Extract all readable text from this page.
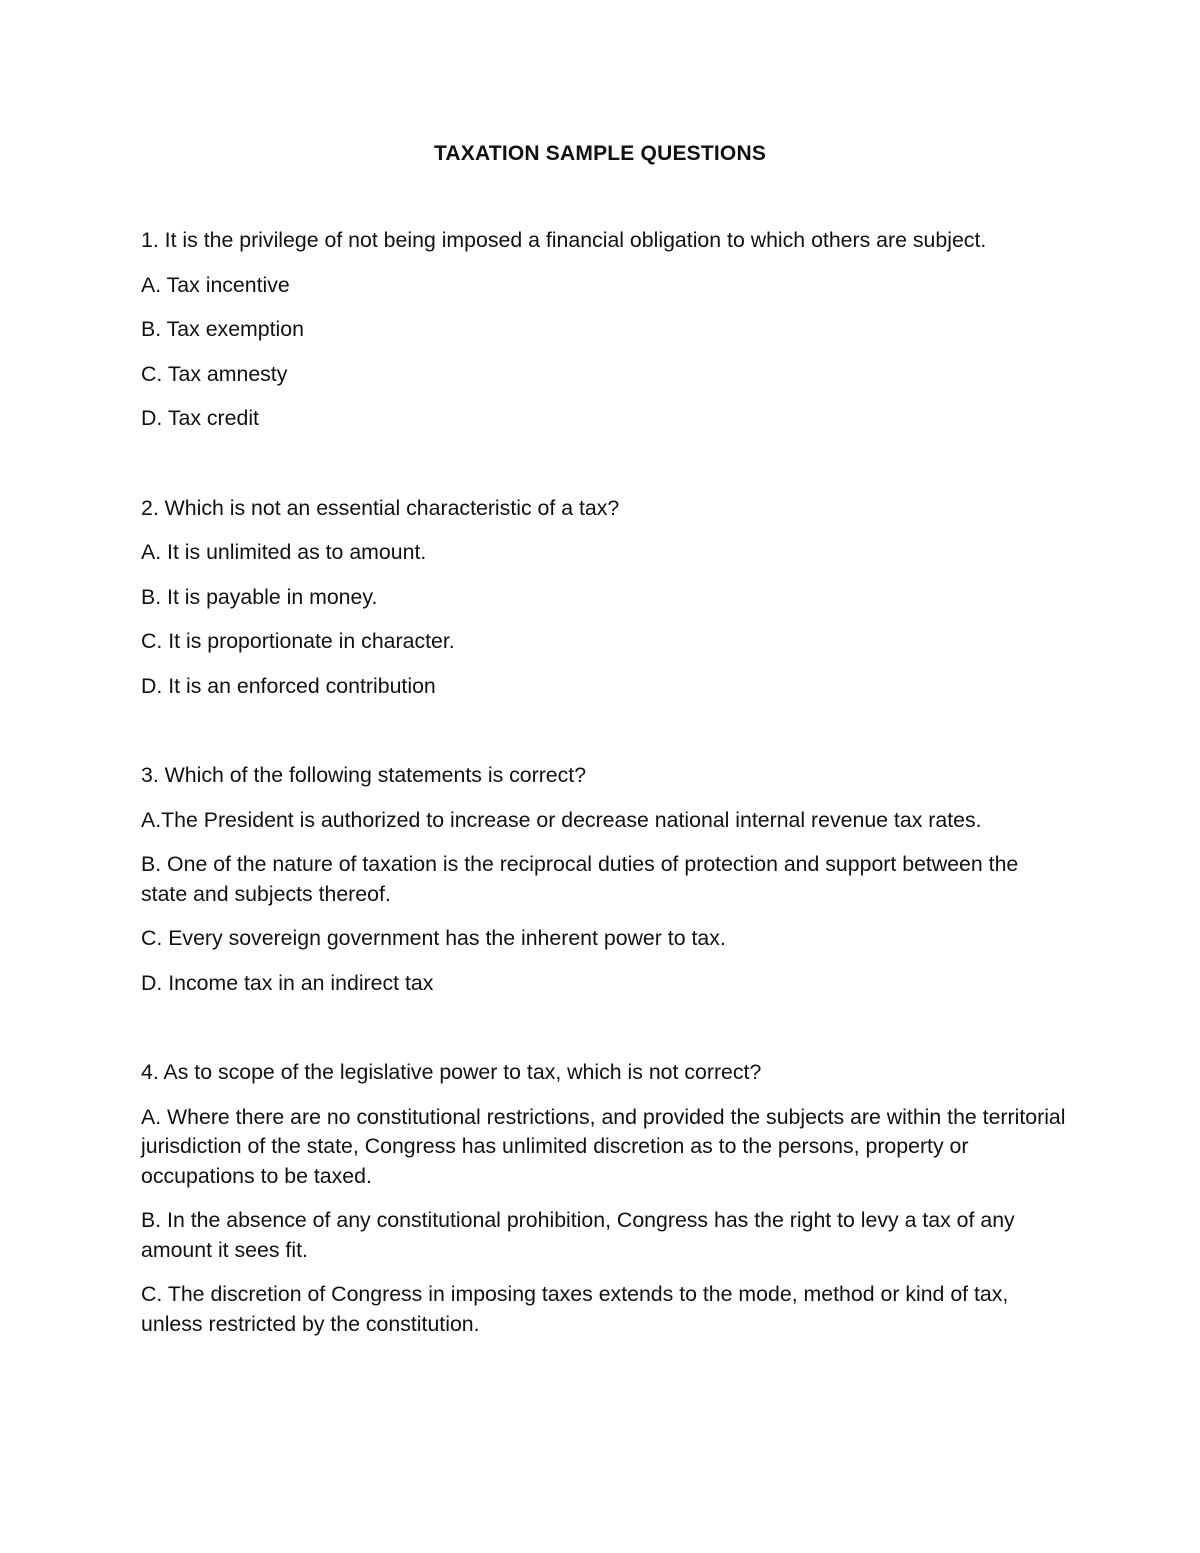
TAXATION SAMPLE QUESTIONS

1. It is the privilege of not being imposed a financial obligation to which others are subject.

A. Tax incentive

B. Tax exemption

C. Tax amnesty

D. Tax credit

2. Which is not an essential characteristic of a tax?

A. It is unlimited as to amount.

B. It is payable in money.

C. It is proportionate in character.

D. It is an enforced contribution

3. Which of the following statements is correct?

A.The President is authorized to increase or decrease national internal revenue tax rates.

B. One of the nature of taxation is the reciprocal duties of protection and support between the state and subjects thereof.

C. Every sovereign government has the inherent power to tax.

D. Income tax in an indirect tax

4. As to scope of the legislative power to tax, which is not correct?

A. Where there are no constitutional restrictions, and provided the subjects are within the territorial jurisdiction of the state, Congress has unlimited discretion as to the persons, property or occupations to be taxed.

B. In the absence of any constitutional prohibition, Congress has the right to levy a tax of any amount it sees fit.

C. The discretion of Congress in imposing taxes extends to the mode, method or kind of tax, unless restricted by the constitution.
